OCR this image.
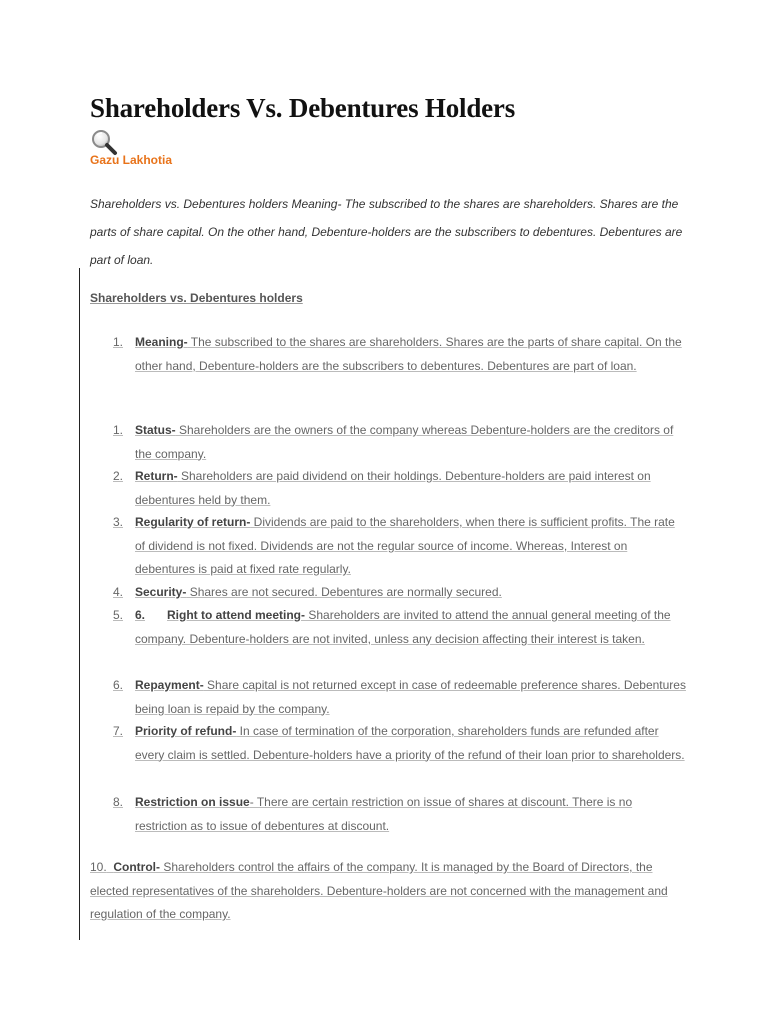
Shareholders Vs. Debentures Holders
Gazu Lakhotia

Shareholders vs. Debentures holders Meaning- The subscribed to the shares are shareholders. Shares are the parts of share capital. On the other hand, Debenture-holders are the subscribers to debentures. Debentures are part of loan.

Shareholders vs. Debentures holders
1. Meaning- The subscribed to the shares are shareholders. Shares are the parts of share capital. On the other hand, Debenture-holders are the subscribers to debentures. Debentures are part of loan.
1. Status- Shareholders are the owners of the company whereas Debenture-holders are the creditors of the company.
2. Return- Shareholders are paid dividend on their holdings. Debenture-holders are paid interest on debentures held by them.
3. Regularity of return- Dividends are paid to the shareholders, when there is sufficient profits. The rate of dividend is not fixed. Dividends are not the regular source of income. Whereas, Interest on debentures is paid at fixed rate regularly.
4. Security- Shares are not secured. Debentures are normally secured.
5. 6. Right to attend meeting- Shareholders are invited to attend the annual general meeting of the company. Debenture-holders are not invited, unless any decision affecting their interest is taken.
6. Repayment- Share capital is not returned except in case of redeemable preference shares. Debentures being loan is repaid by the company.
7. Priority of refund- In case of termination of the corporation, shareholders funds are refunded after every claim is settled. Debenture-holders have a priority of the refund of their loan prior to shareholders.
8. Restriction on issue- There are certain restriction on issue of shares at discount. There is no restriction as to issue of debentures at discount.

10. Control- Shareholders control the affairs of the company. It is managed by the Board of Directors, the elected representatives of the shareholders. Debenture-holders are not concerned with the management and regulation of the company.
